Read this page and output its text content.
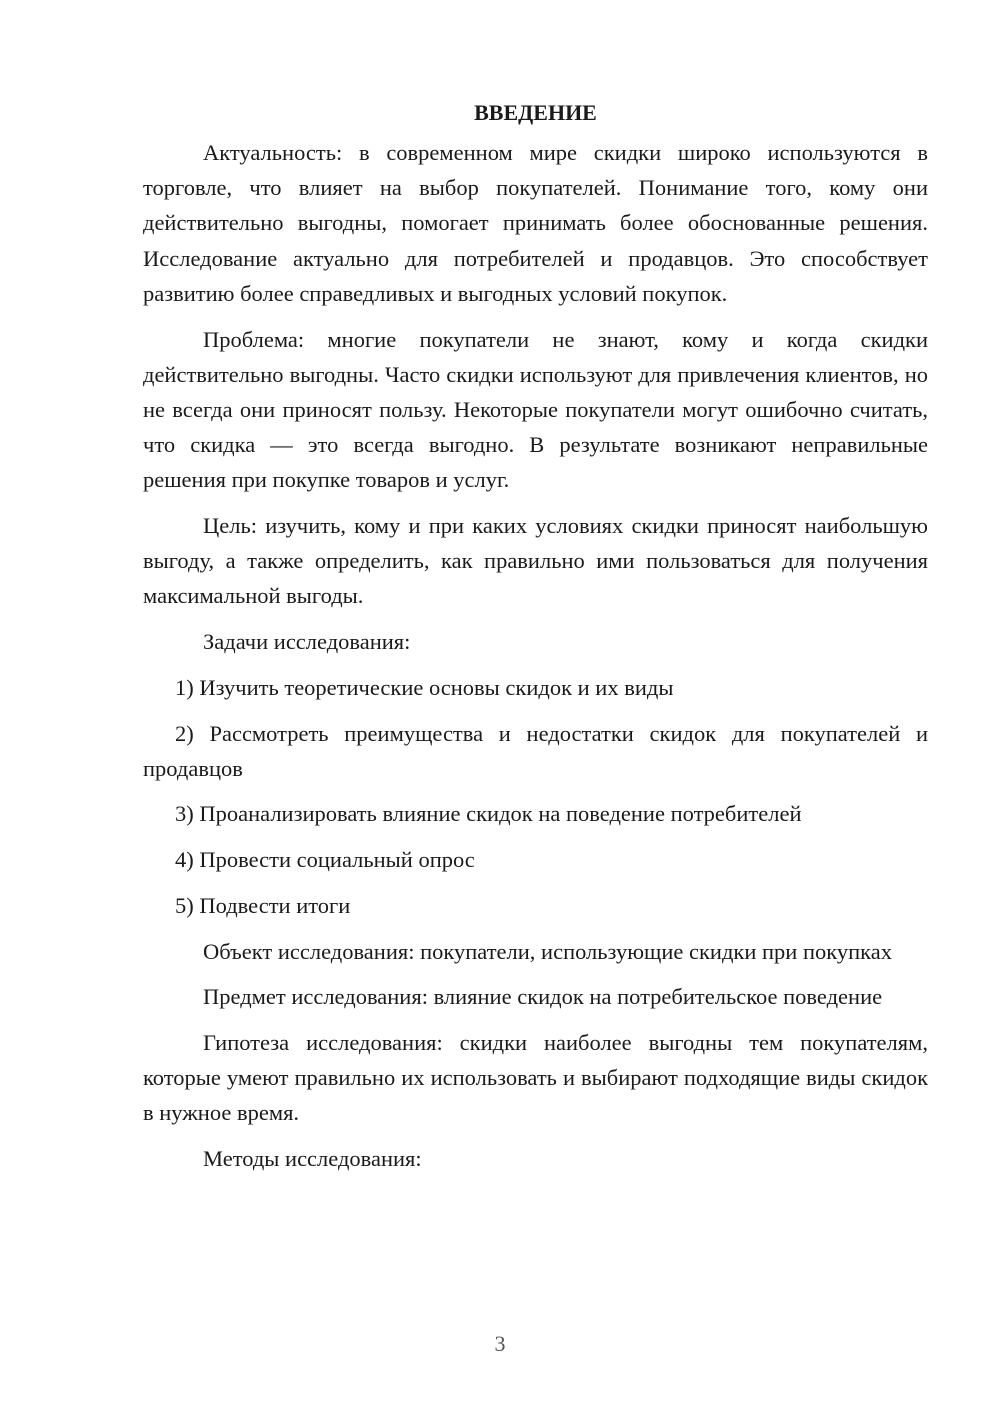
ВВЕДЕНИЕ

Актуальность: в современном мире скидки широко используются в торговле, что влияет на выбор покупателей. Понимание того, кому они действительно выгодны, помогает принимать более обоснованные решения. Исследование актуально для потребителей и продавцов. Это способствует развитию более справедливых и выгодных условий покупок.

Проблема: многие покупатели не знают, кому и когда скидки действительно выгодны. Часто скидки используют для привлечения клиентов, но не всегда они приносят пользу. Некоторые покупатели могут ошибочно считать, что скидка — это всегда выгодно. В результате возникают неправильные решения при покупке товаров и услуг.

Цель: изучить, кому и при каких условиях скидки приносят наибольшую выгоду, а также определить, как правильно ими пользоваться для получения максимальной выгоды.

Задачи исследования:

1) Изучить теоретические основы скидок и их виды

2) Рассмотреть преимущества и недостатки скидок для покупателей и продавцов

3) Проанализировать влияние скидок на поведение потребителей

4) Провести социальный опрос

5) Подвести итоги

Объект исследования: покупатели, использующие скидки при покупках

Предмет исследования: влияние скидок на потребительское поведение

Гипотеза исследования: скидки наиболее выгодны тем покупателям, которые умеют правильно их использовать и выбирают подходящие виды скидок в нужное время.

Методы исследования:

3
